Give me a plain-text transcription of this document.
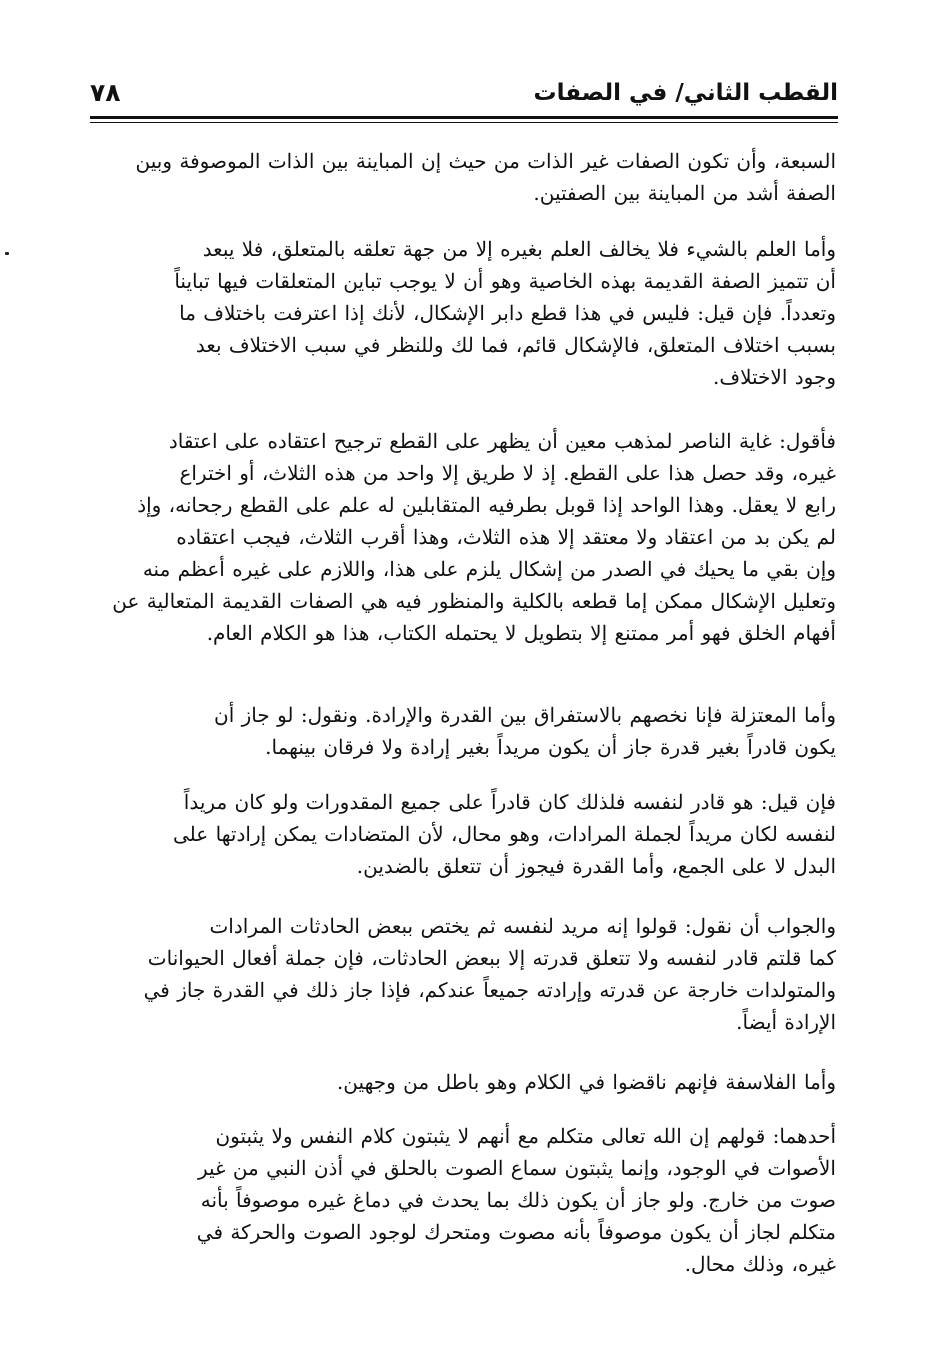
القطب الثاني/ في الصفات
٧٨
السبعة، وأن تكون الصفات غير الذات من حيث إن المباينة بين الذات الموصوفة وبين
الصفة أشد من المباينة بين الصفتين.
وأما العلم بالشيء فلا يخالف العلم بغيره إلا من جهة تعلقه بالمتعلق، فلا يبعد
أن تتميز الصفة القديمة بهذه الخاصية وهو أن لا يوجب تباين المتعلقات فيها تبايناً
وتعدداً. فإن قيل: فليس في هذا قطع دابر الإشكال، لأنك إذا اعترفت باختلاف ما
بسبب اختلاف المتعلق، فالإشكال قائم، فما لك وللنظر في سبب الاختلاف بعد
وجود الاختلاف.
فأقول: غاية الناصر لمذهب معين أن يظهر على القطع ترجيح اعتقاده على اعتقاد
غيره، وقد حصل هذا على القطع. إذ لا طريق إلا واحد من هذه الثلاث، أو اختراع
رابع لا يعقل. وهذا الواحد إذا قوبل بطرفيه المتقابلين له علم على القطع رجحانه، وإذ
لم يكن بد من اعتقاد ولا معتقد إلا هذه الثلاث، وهذا أقرب الثلاث، فيجب اعتقاده
وإن بقي ما يحيك في الصدر من إشكال يلزم على هذا، واللازم على غيره أعظم منه
وتعليل الإشكال ممكن إما قطعه بالكلية والمنظور فيه هي الصفات القديمة المتعالية عن
أفهام الخلق فهو أمر ممتنع إلا بتطويل لا يحتمله الكتاب، هذا هو الكلام العام.
وأما المعتزلة فإنا نخصهم بالاستفراق بين القدرة والإرادة. ونقول: لو جاز أن
يكون قادراً بغير قدرة جاز أن يكون مريداً بغير إرادة ولا فرقان بينهما.
فإن قيل: هو قادر لنفسه فلذلك كان قادراً على جميع المقدورات ولو كان مريداً
لنفسه لكان مريداً لجملة المرادات، وهو محال، لأن المتضادات يمكن إرادتها على
البدل لا على الجمع، وأما القدرة فيجوز أن تتعلق بالضدين.
والجواب أن نقول: قولوا إنه مريد لنفسه ثم يختص ببعض الحادثات المرادات
كما قلتم قادر لنفسه ولا تتعلق قدرته إلا ببعض الحادثات، فإن جملة أفعال الحيوانات
والمتولدات خارجة عن قدرته وإرادته جميعاً عندكم، فإذا جاز ذلك في القدرة جاز في
الإرادة أيضاً.
وأما الفلاسفة فإنهم ناقضوا في الكلام وهو باطل من وجهين.
أحدهما: قولهم إن الله تعالى متكلم مع أنهم لا يثبتون كلام النفس ولا يثبتون
الأصوات في الوجود، وإنما يثبتون سماع الصوت بالحلق في أذن النبي من غير
صوت من خارج. ولو جاز أن يكون ذلك بما يحدث في دماغ غيره موصوفاً بأنه
متكلم لجاز أن يكون موصوفاً بأنه مصوت ومتحرك لوجود الصوت والحركة في
غيره، وذلك محال.
